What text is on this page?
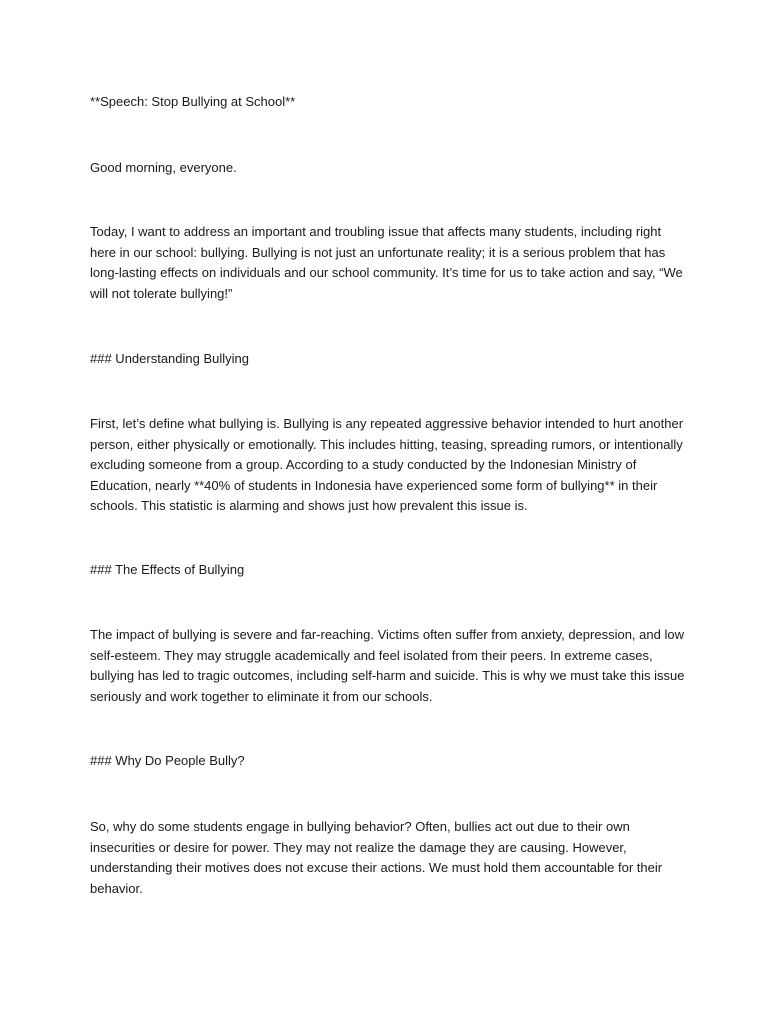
**Speech: Stop Bullying at School**

Good morning, everyone.

Today, I want to address an important and troubling issue that affects many students, including right
here in our school: bullying. Bullying is not just an unfortunate reality; it is a serious problem that has
long-lasting effects on individuals and our school community. It’s time for us to take action and say, “We
will not tolerate bullying!”

### Understanding Bullying

First, let’s define what bullying is. Bullying is any repeated aggressive behavior intended to hurt another
person, either physically or emotionally. This includes hitting, teasing, spreading rumors, or intentionally
excluding someone from a group. According to a study conducted by the Indonesian Ministry of
Education, nearly **40% of students in Indonesia have experienced some form of bullying** in their
schools. This statistic is alarming and shows just how prevalent this issue is.

### The Effects of Bullying

The impact of bullying is severe and far-reaching. Victims often suffer from anxiety, depression, and low
self-esteem. They may struggle academically and feel isolated from their peers. In extreme cases,
bullying has led to tragic outcomes, including self-harm and suicide. This is why we must take this issue
seriously and work together to eliminate it from our schools.

### Why Do People Bully?

So, why do some students engage in bullying behavior? Often, bullies act out due to their own
insecurities or desire for power. They may not realize the damage they are causing. However,
understanding their motives does not excuse their actions. We must hold them accountable for their
behavior.
